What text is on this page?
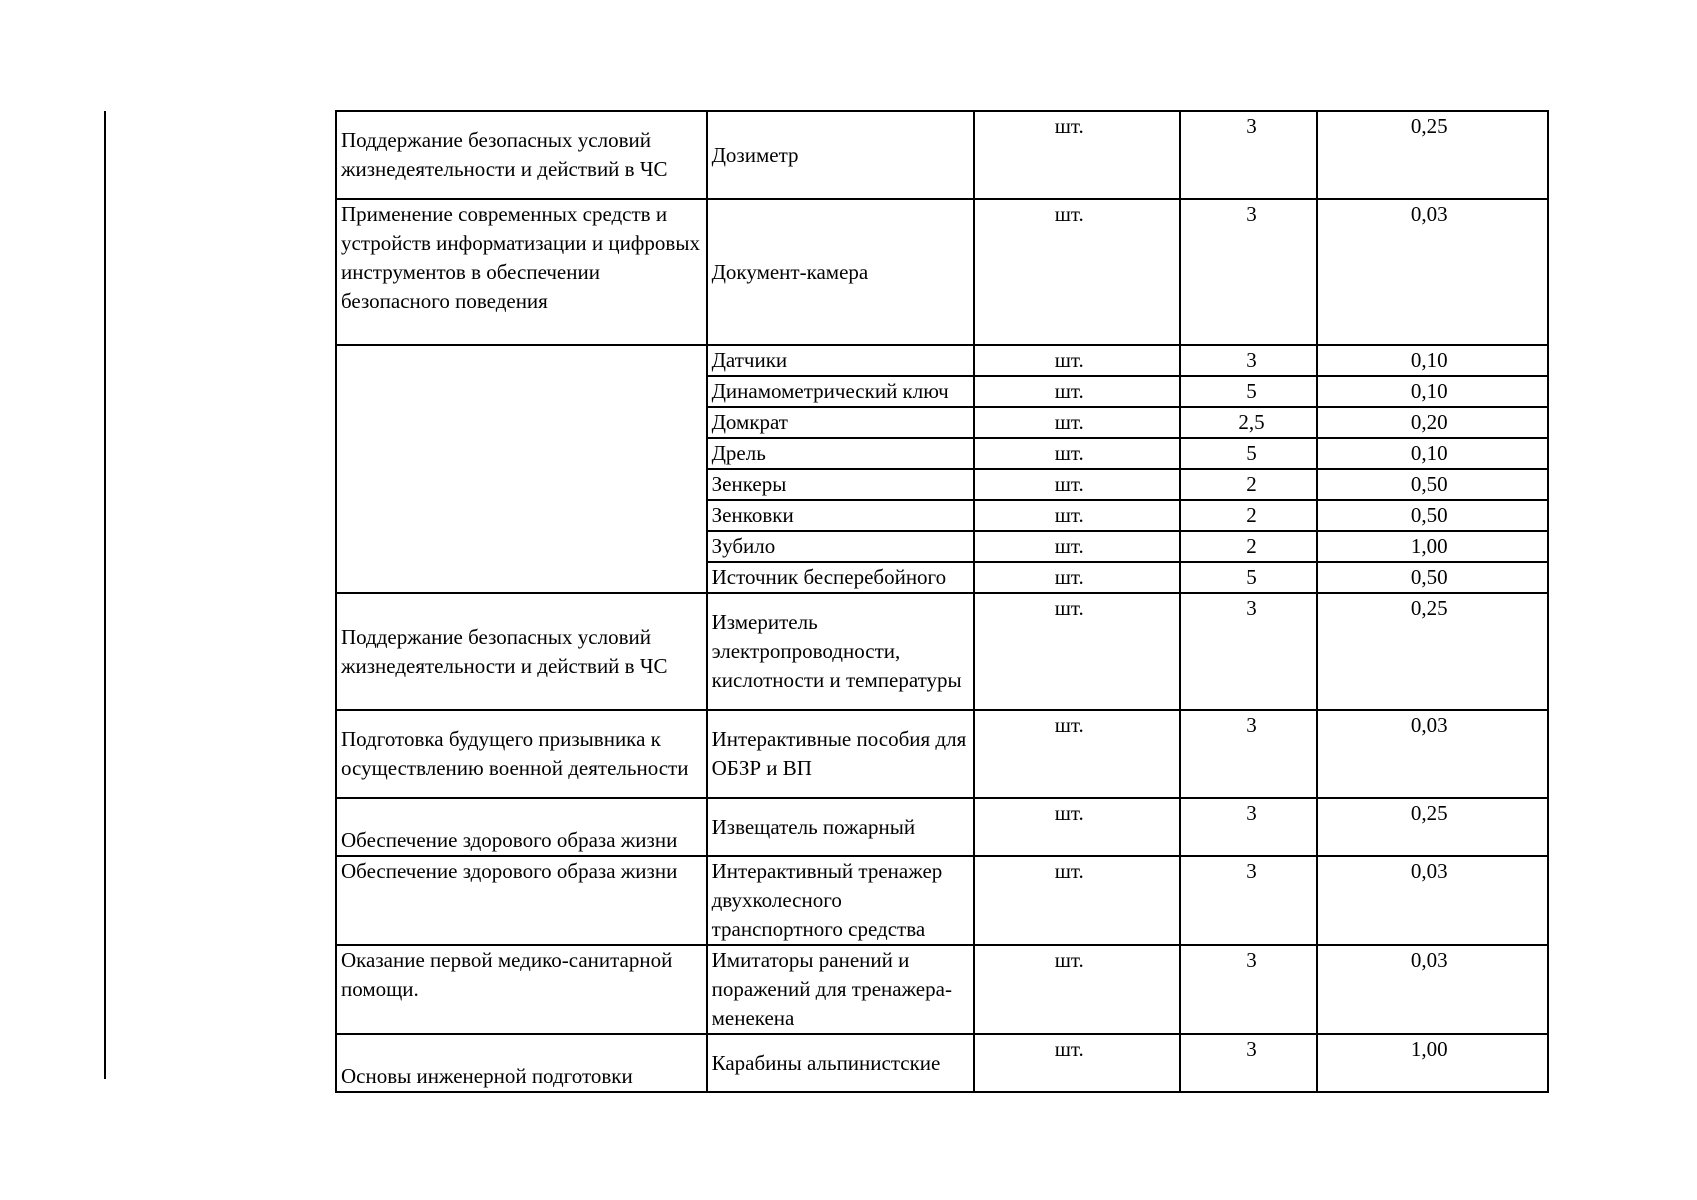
Поддержание безопасных условий жизнедеятельности и действий в ЧС	Дозиметр	шт.	3	0,25
Применение современных средств и устройств информатизации и цифровых инструментов в обеспечении безопасного поведения	Документ-камера	шт.	3	0,03
	Датчики	шт.	3	0,10
	Динамометрический ключ	шт.	5	0,10
	Домкрат	шт.	2,5	0,20
	Дрель	шт.	5	0,10
	Зенкеры	шт.	2	0,50
	Зенковки	шт.	2	0,50
	Зубило	шт.	2	1,00
	Источник бесперебойного	шт.	5	0,50
Поддержание безопасных условий жизнедеятельности и действий в ЧС	Измеритель электропроводности, кислотности и температуры	шт.	3	0,25
Подготовка будущего призывника к осуществлению военной деятельности	Интерактивные пособия для ОБЗР и ВП	шт.	3	0,03
Обеспечение здорового образа жизни	Извещатель пожарный	шт.	3	0,25
Обеспечение здорового образа жизни	Интерактивный тренажер двухколесного транспортного средства	шт.	3	0,03
Оказание первой медико-санитарной помощи.	Имитаторы ранений и поражений для тренажера-менекена	шт.	3	0,03
Основы инженерной подготовки	Карабины альпинистские	шт.	3	1,00
